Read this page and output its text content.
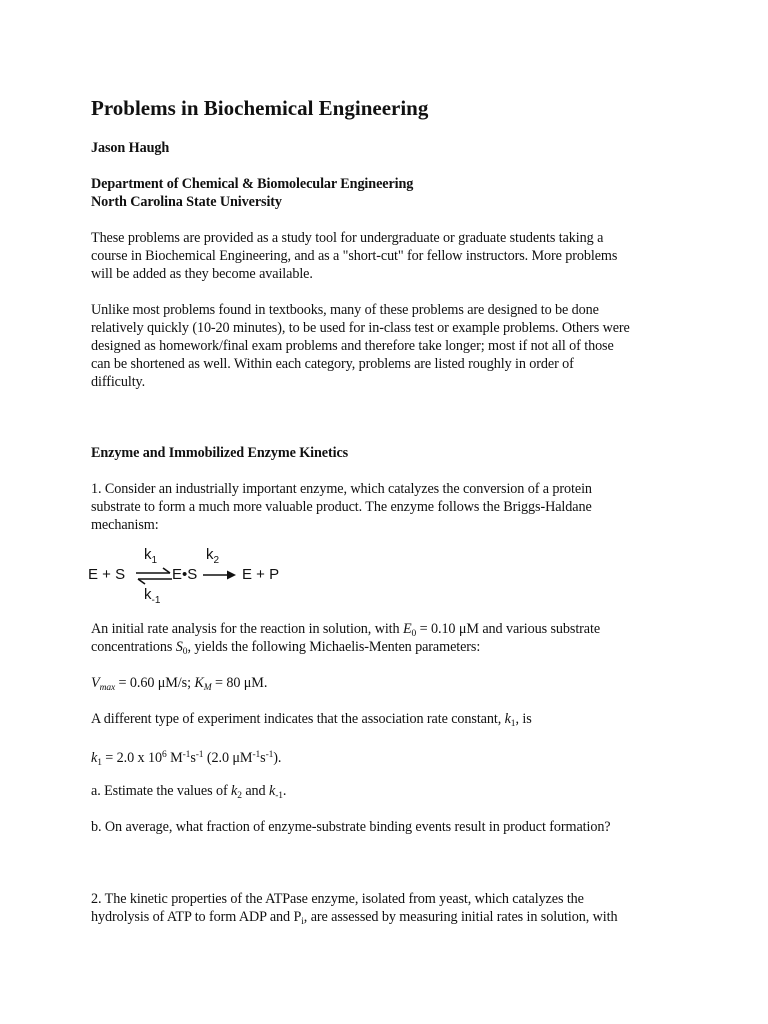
Problems in Biochemical Engineering
Jason Haugh
Department of Chemical & Biomolecular Engineering
North Carolina State University
These problems are provided as a study tool for undergraduate or graduate students taking a
course in Biochemical Engineering, and as a "short-cut" for fellow instructors. More problems
will be added as they become available.
Unlike most problems found in textbooks, many of these problems are designed to be done
relatively quickly (10-20 minutes), to be used for in-class test or example problems. Others were
designed as homework/final exam problems and therefore take longer; most if not all of those
can be shortened as well. Within each category, problems are listed roughly in order of
difficulty.
Enzyme and Immobilized Enzyme Kinetics
1. Consider an industrially important enzyme, which catalyzes the conversion of a protein
substrate to form a much more valuable product. The enzyme follows the Briggs-Haldane
mechanism:
E + S
$k_1$
$k_{-1}$
E•S
$k_2$
E + P
An initial rate analysis for the reaction in solution, with $E_0 = 0.10$ μM and various substrate
concentrations $S_0$, yields the following Michaelis-Menten parameters:
$V_{max} = 0.60$ μM/s; $K_M = 80$ μM.
A different type of experiment indicates that the association rate constant, $k_1$, is
$k_1 = 2.0$ x $10^6$ $M^{-1}s^{-1}$ (2.0 $\mu M^{-1}s^{-1}$).
a. Estimate the values of $k_2$ and $k_{-1}$.
b. On average, what fraction of enzyme-substrate binding events result in product formation?
2. The kinetic properties of the ATPase enzyme, isolated from yeast, which catalyzes the
hydrolysis of ATP to form ADP and $P_i$, are assessed by measuring initial rates in solution, with
